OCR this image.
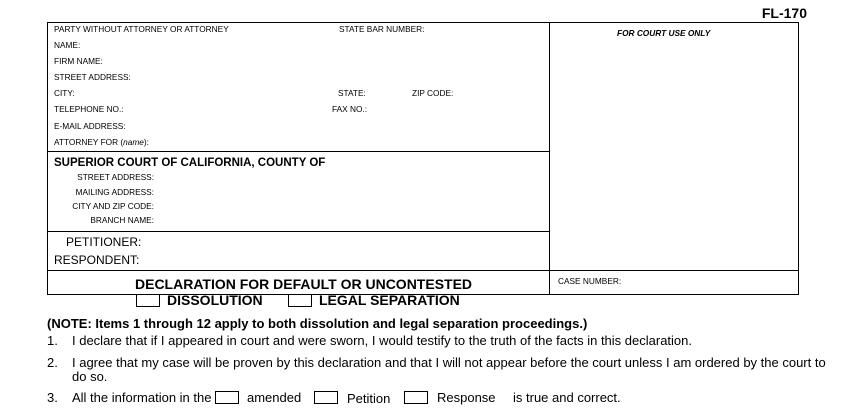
FL-170
PARTY WITHOUT ATTORNEY OR ATTORNEY	STATE BAR NUMBER:
NAME:
FIRM NAME:
STREET ADDRESS:
CITY:	STATE:	ZIP CODE:
TELEPHONE NO.:	FAX NO.:
E-MAIL ADDRESS:
ATTORNEY FOR (name):
FOR COURT USE ONLY
SUPERIOR COURT OF CALIFORNIA, COUNTY OF
STREET ADDRESS:
MAILING ADDRESS:
CITY AND ZIP CODE:
BRANCH NAME:
PETITIONER:
RESPONDENT:
DECLARATION FOR DEFAULT OR UNCONTESTED
DISSOLUTION	LEGAL SEPARATION
CASE NUMBER:
(NOTE: Items 1 through 12 apply to both dissolution and legal separation proceedings.)
1. I declare that if I appeared in court and were sworn, I would testify to the truth of the facts in this declaration.
2. I agree that my case will be proven by this declaration and that I will not appear before the court unless I am ordered by the court to
do so.
3. All the information in the	amended	Petition	Response is true and correct.
